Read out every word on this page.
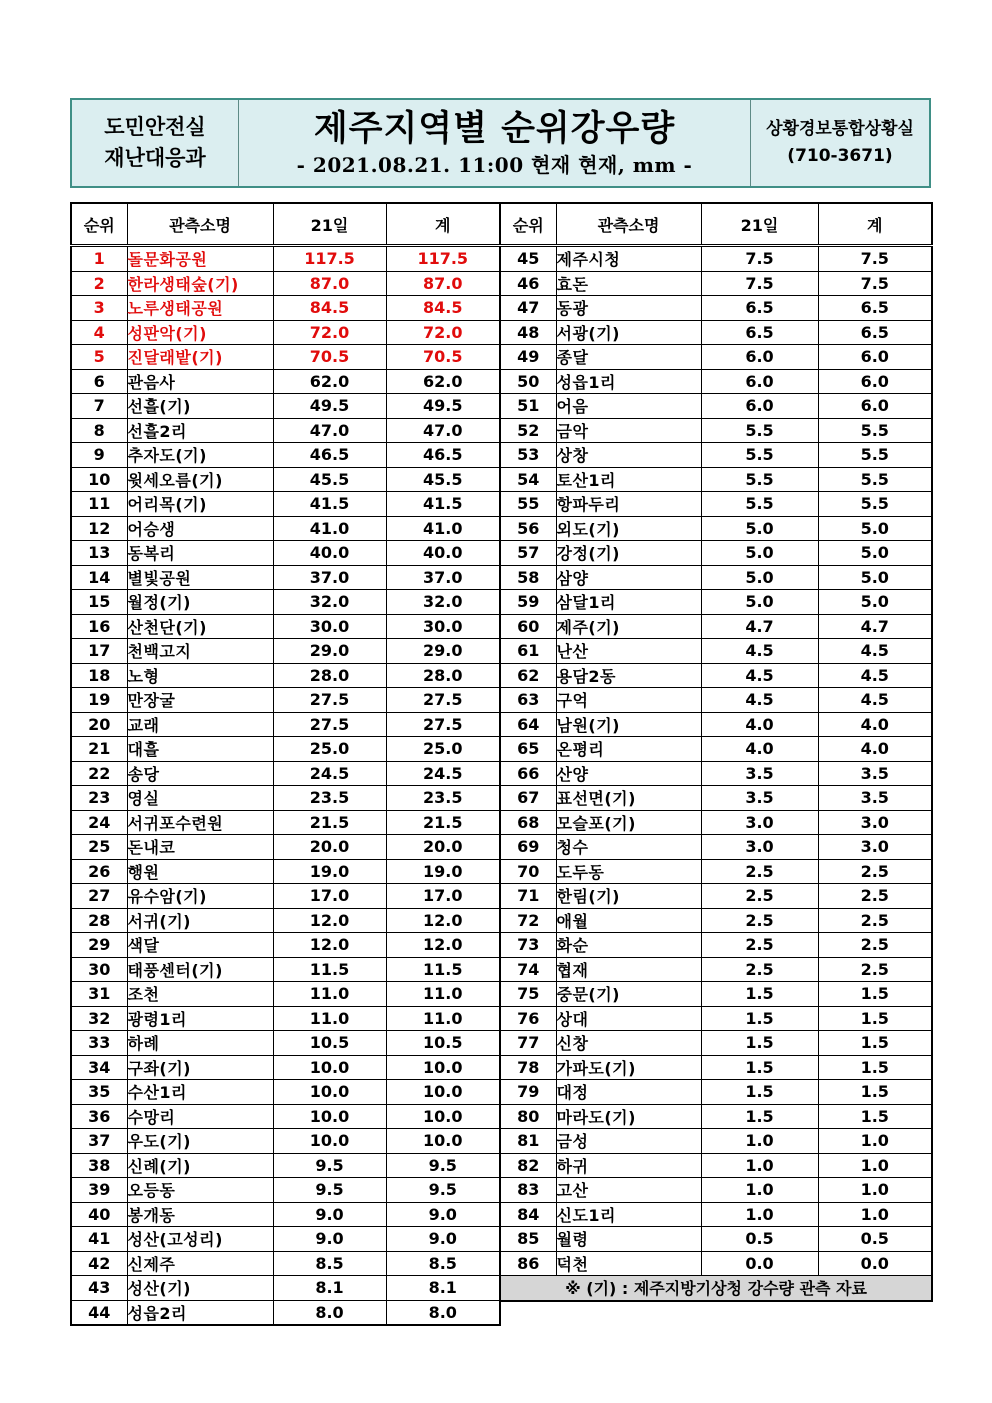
도민안전실
재난대응과
제주지역별 순위강우량
- 2021.08.21. 11:00 현재 현재, mm -
상황경보통합상황실
(710-3671)
순위	관측소명	21일	계
1	돌문화공원	117.5	117.5
2	한라생태숲(기)	87.0	87.0
3	노루생태공원	84.5	84.5
4	성판악(기)	72.0	72.0
5	진달래밭(기)	70.5	70.5
6	관음사	62.0	62.0
7	선흘(기)	49.5	49.5
8	선흘2리	47.0	47.0
9	추자도(기)	46.5	46.5
10	윗세오름(기)	45.5	45.5
11	어리목(기)	41.5	41.5
12	어승생	41.0	41.0
13	동복리	40.0	40.0
14	별빛공원	37.0	37.0
15	월정(기)	32.0	32.0
16	산천단(기)	30.0	30.0
17	천백고지	29.0	29.0
18	노형	28.0	28.0
19	만장굴	27.5	27.5
20	교래	27.5	27.5
21	대흘	25.0	25.0
22	송당	24.5	24.5
23	영실	23.5	23.5
24	서귀포수련원	21.5	21.5
25	돈내코	20.0	20.0
26	행원	19.0	19.0
27	유수암(기)	17.0	17.0
28	서귀(기)	12.0	12.0
29	색달	12.0	12.0
30	태풍센터(기)	11.5	11.5
31	조천	11.0	11.0
32	광령1리	11.0	11.0
33	하례	10.5	10.5
34	구좌(기)	10.0	10.0
35	수산1리	10.0	10.0
36	수망리	10.0	10.0
37	우도(기)	10.0	10.0
38	신례(기)	9.5	9.5
39	오등동	9.5	9.5
40	봉개동	9.0	9.0
41	성산(고성리)	9.0	9.0
42	신제주	8.5	8.5
43	성산(기)	8.1	8.1
44	성읍2리	8.0	8.0
순위	관측소명	21일	계
45	제주시청	7.5	7.5
46	효돈	7.5	7.5
47	동광	6.5	6.5
48	서광(기)	6.5	6.5
49	종달	6.0	6.0
50	성읍1리	6.0	6.0
51	어음	6.0	6.0
52	금악	5.5	5.5
53	상창	5.5	5.5
54	토산1리	5.5	5.5
55	항파두리	5.5	5.5
56	외도(기)	5.0	5.0
57	강정(기)	5.0	5.0
58	삼양	5.0	5.0
59	삼달1리	5.0	5.0
60	제주(기)	4.7	4.7
61	난산	4.5	4.5
62	용담2동	4.5	4.5
63	구억	4.5	4.5
64	남원(기)	4.0	4.0
65	온평리	4.0	4.0
66	산양	3.5	3.5
67	표선면(기)	3.5	3.5
68	모슬포(기)	3.0	3.0
69	청수	3.0	3.0
70	도두동	2.5	2.5
71	한림(기)	2.5	2.5
72	애월	2.5	2.5
73	화순	2.5	2.5
74	협재	2.5	2.5
75	중문(기)	1.5	1.5
76	상대	1.5	1.5
77	신창	1.5	1.5
78	가파도(기)	1.5	1.5
79	대정	1.5	1.5
80	마라도(기)	1.5	1.5
81	금성	1.0	1.0
82	하귀	1.0	1.0
83	고산	1.0	1.0
84	신도1리	1.0	1.0
85	월령	0.5	0.5
86	덕천	0.0	0.0
※ (기) : 제주지방기상청 강수량 관측 자료			
